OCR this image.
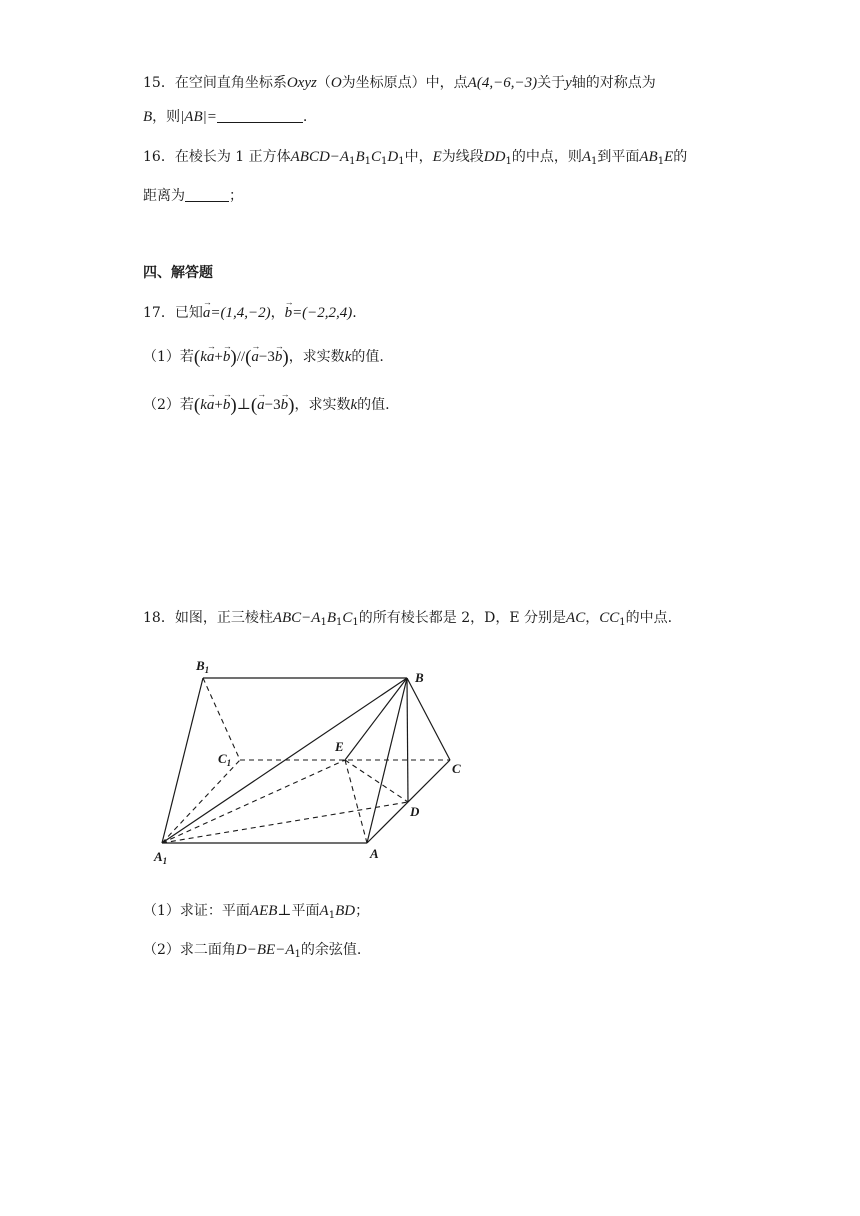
15．在空间直角坐标系Oxyz（O为坐标原点）中，点A(4,−6,−3)关于y轴的对称点为
B，则|AB|=	.
16．在棱长为 1 正方体$ABCD-A_1B_1C_1D_1$中，E为线段$DD_1$的中点，则$A_1$到平面$AB_1E$的
距离为	；
四、解答题
17．已知→ a=(1,4,−2)，→ b=(−2,2,4).
（1）若(k→ a+→ b)//(→ a−3→ b)，求实数k的值.
（2）若(k→ a+→ b)⊥(→ a−3→ b)，求实数k的值.
18．如图，正三棱柱$ABC-A_1B_1C_1$的所有棱长都是 2，D，E 分别是AC，$CC_1$的中点.
$B_1$	B
$C_1$
E
C
D
$A_1$	A
（1）求证：平面AEB⊥平面$A_1BD$；
（2）求二面角$D-BE-A_1$的余弦值.
